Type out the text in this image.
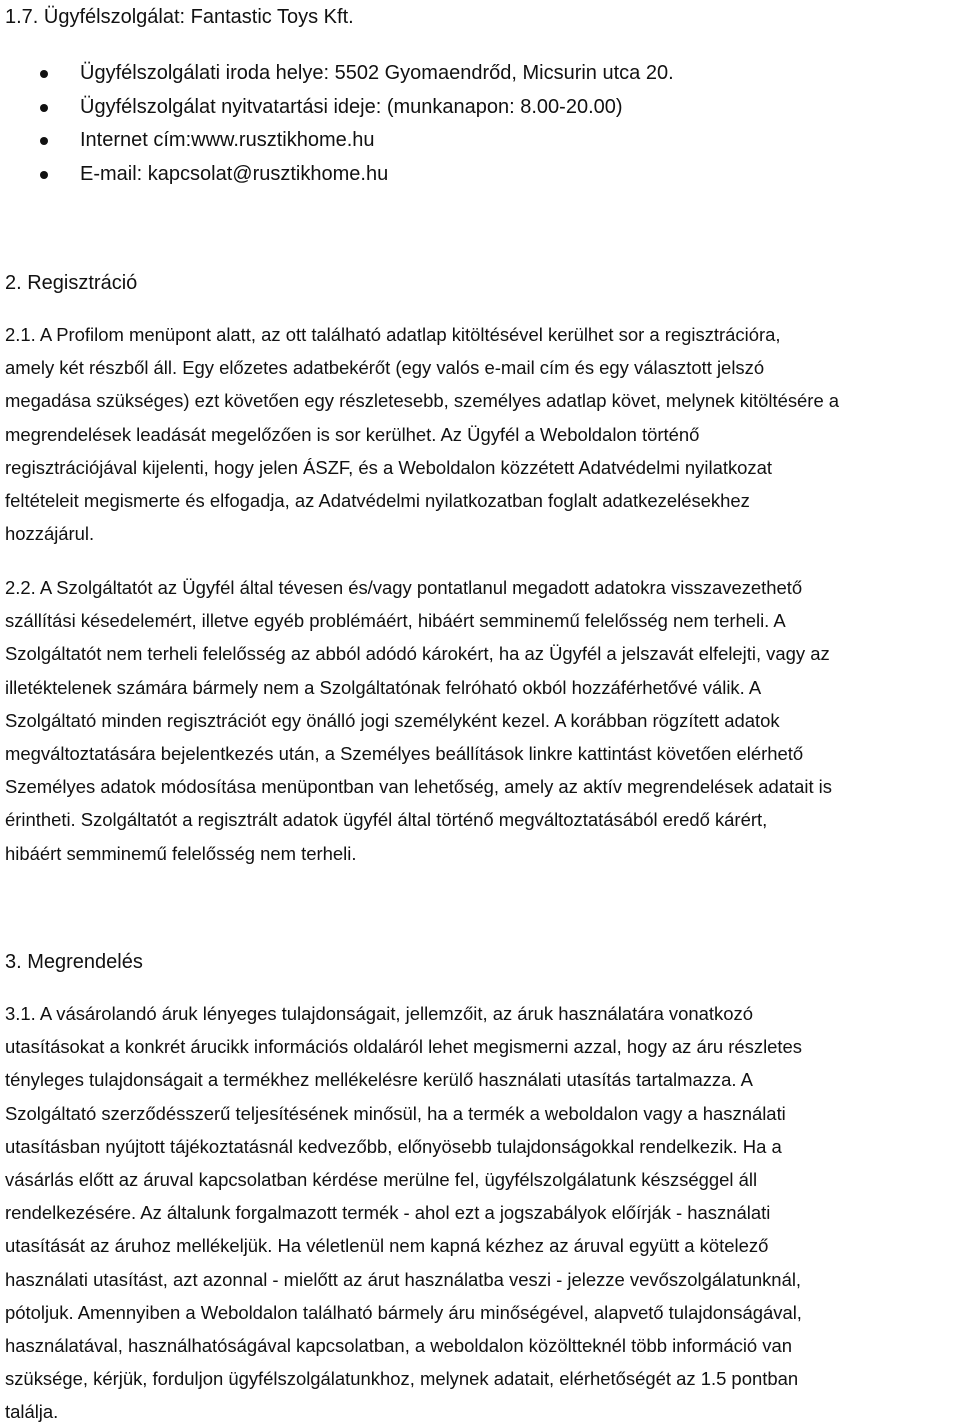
1.7. Ügyfélszolgálat: Fantastic Toys Kft.
Ügyfélszolgálati iroda helye: 5502 Gyomaendrőd, Micsurin utca 20.
Ügyfélszolgálat nyitvatartási ideje: (munkanapon: 8.00-20.00)
Internet cím:www.rusztikhome.hu
E-mail: kapcsolat@rusztikhome.hu
2. Regisztráció

2.1. A Profilom menüpont alatt, az ott található adatlap kitöltésével kerülhet sor a regisztrációra,
amely két részből áll. Egy előzetes adatbekérőt (egy valós e-mail cím és egy választott jelszó
megadása szükséges) ezt követően egy részletesebb, személyes adatlap követ, melynek kitöltésére a
megrendelések leadását megelőzően is sor kerülhet. Az Ügyfél a Weboldalon történő
regisztrációjával kijelenti, hogy jelen ÁSZF, és a Weboldalon közzétett Adatvédelmi nyilatkozat
feltételeit megismerte és elfogadja, az Adatvédelmi nyilatkozatban foglalt adatkezelésekhez
hozzájárul.

2.2. A Szolgáltatót az Ügyfél által tévesen és/vagy pontatlanul megadott adatokra visszavezethető
szállítási késedelemért, illetve egyéb problémáért, hibáért semminemű felelősség nem terheli. A
Szolgáltatót nem terheli felelősség az abból adódó károkért, ha az Ügyfél a jelszavát elfelejti, vagy az
illetéktelenek számára bármely nem a Szolgáltatónak felróható okból hozzáférhetővé válik. A
Szolgáltató minden regisztrációt egy önálló jogi személyként kezel. A korábban rögzített adatok
megváltoztatására bejelentkezés után, a Személyes beállítások linkre kattintást követően elérhető
Személyes adatok módosítása menüpontban van lehetőség, amely az aktív megrendelések adatait is
érintheti. Szolgáltatót a regisztrált adatok ügyfél által történő megváltoztatásából eredő kárért,
hibáért semminemű felelősség nem terheli.

3. Megrendelés

3.1. A vásárolandó áruk lényeges tulajdonságait, jellemzőit, az áruk használatára vonatkozó
utasításokat a konkrét árucikk információs oldaláról lehet megismerni azzal, hogy az áru részletes
tényleges tulajdonságait a termékhez mellékelésre kerülő használati utasítás tartalmazza. A
Szolgáltató szerződésszerű teljesítésének minősül, ha a termék a weboldalon vagy a használati
utasításban nyújtott tájékoztatásnál kedvezőbb, előnyösebb tulajdonságokkal rendelkezik. Ha a
vásárlás előtt az áruval kapcsolatban kérdése merülne fel, ügyfélszolgálatunk készséggel áll
rendelkezésére. Az általunk forgalmazott termék - ahol ezt a jogszabályok előírják - használati
utasítását az áruhoz mellékeljük. Ha véletlenül nem kapná kézhez az áruval együtt a kötelező
használati utasítást, azt azonnal - mielőtt az árut használatba veszi - jelezze vevőszolgálatunknál,
pótoljuk. Amennyiben a Weboldalon található bármely áru minőségével, alapvető tulajdonságával,
használatával, használhatóságával kapcsolatban, a weboldalon közöltteknél több információ van
szüksége, kérjük, forduljon ügyfélszolgálatunkhoz, melynek adatait, elérhetőségét az 1.5 pontban
találja.
